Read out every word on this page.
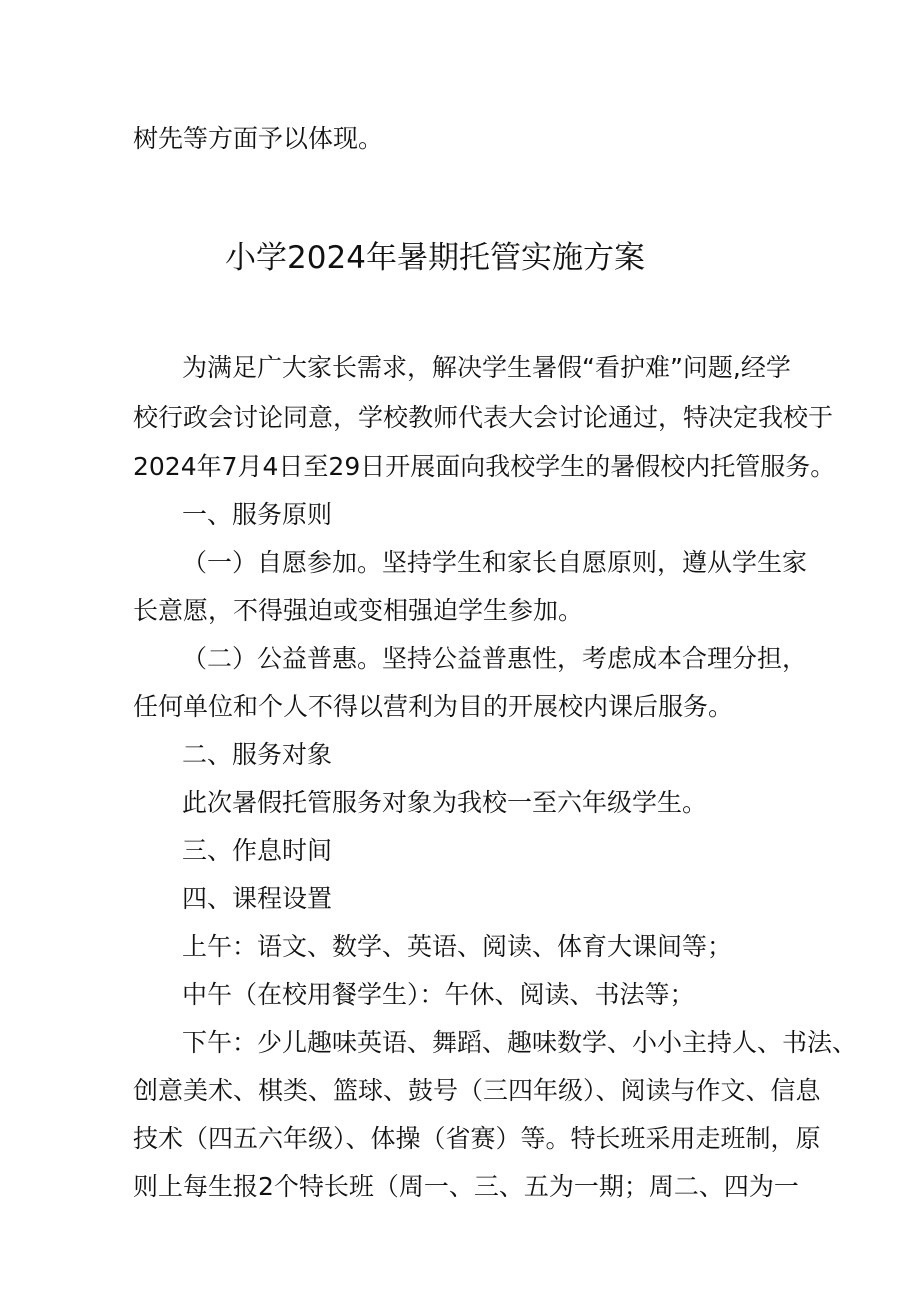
树先等方面予以体现。
小学2024年暑期托管实施方案
为满足广大家长需求，解决学生暑假“看护难”问题,经学
校行政会讨论同意，学校教师代表大会讨论通过，特决定我校于
2024年7月4日至29日开展面向我校学生的暑假校内托管服务。
一、服务原则
（一）自愿参加。坚持学生和家长自愿原则，遵从学生家
长意愿，不得强迫或变相强迫学生参加。
（二）公益普惠。坚持公益普惠性，考虑成本合理分担，
任何单位和个人不得以营利为目的开展校内课后服务。
二、服务对象
此次暑假托管服务对象为我校一至六年级学生。
三、作息时间
四、课程设置
上午：语文、数学、英语、阅读、体育大课间等；
中午（在校用餐学生）：午休、阅读、书法等；
下午：少儿趣味英语、舞蹈、趣味数学、小小主持人、书法、
创意美术、棋类、篮球、鼓号（三四年级）、阅读与作文、信息
技术（四五六年级）、体操（省赛）等。特长班采用走班制，原
则上每生报2个特长班（周一、三、五为一期；周二、四为一
